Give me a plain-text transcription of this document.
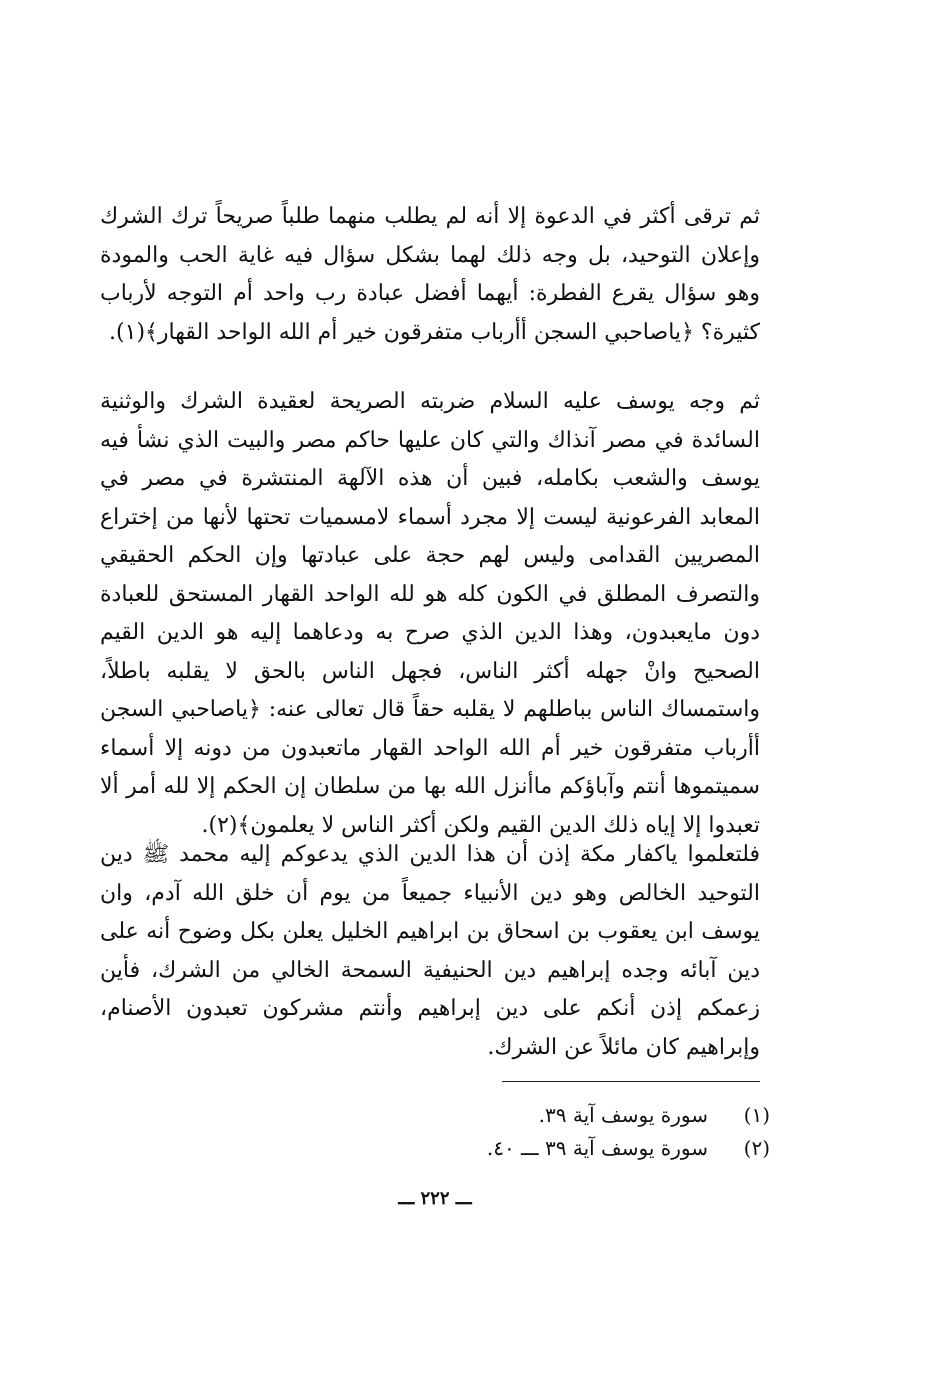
ثم ترقى أكثر في الدعوة إلا أنه لم يطلب منهما طلباً صريحاً ترك الشرك وإعلان التوحيد، بل وجه ذلك لهما بشكل سؤال فيه غاية الحب والمودة وهو سؤال يقرع الفطرة: أيهما أفضل عبادة رب واحد أم التوجه لأرباب كثيرة؟ ﴿ياصاحبي السجن أأرباب متفرقون خير أم الله الواحد القهار﴾(١).

ثم وجه يوسف عليه السلام ضربته الصريحة لعقيدة الشرك والوثنية السائدة في مصر آنذاك والتي كان عليها حاكم مصر والبيت الذي نشأ فيه يوسف والشعب بكامله، فبين أن هذه الآلهة المنتشرة في مصر في المعابد الفرعونية ليست إلا مجرد أسماء لامسميات تحتها لأنها من إختراع المصريين القدامى وليس لهم حجة على عبادتها وإن الحكم الحقيقي والتصرف المطلق في الكون كله هو لله الواحد القهار المستحق للعبادة دون مايعبدون، وهذا الدين الذي صرح به ودعاهما إليه هو الدين القيم الصحيح وانْ جهله أكثر الناس، فجهل الناس بالحق لا يقلبه باطلاً، واستمساك الناس بباطلهم لا يقلبه حقاً قال تعالى عنه: ﴿ياصاحبي السجن أأرباب متفرقون خير أم الله الواحد القهار ماتعبدون من دونه إلا أسماء سميتموها أنتم وآباؤكم ماأنزل الله بها من سلطان إن الحكم إلا لله أمر ألا تعبدوا إلا إياه ذلك الدين القيم ولكن أكثر الناس لا يعلمون﴾(٢).

فلتعلموا ياكفار مكة إذن أن هذا الدين الذي يدعوكم إليه محمد ﷺ دين التوحيد الخالص وهو دين الأنبياء جميعاً من يوم أن خلق الله آدم، وان يوسف ابن يعقوب بن اسحاق بن ابراهيم الخليل يعلن بكل وضوح أنه على دين آبائه وجده إبراهيم دين الحنيفية السمحة الخالي من الشرك، فأين زعمكم إذن أنكم على دين إبراهيم وأنتم مشركون تعبدون الأصنام، وإبراهيم كان مائلاً عن الشرك.

(١)
سورة يوسف آية ٣٩.
(٢)
سورة يوسف آية ٣٩ ـــ ٤٠.
ـــ ٢٢٢ ـــ
